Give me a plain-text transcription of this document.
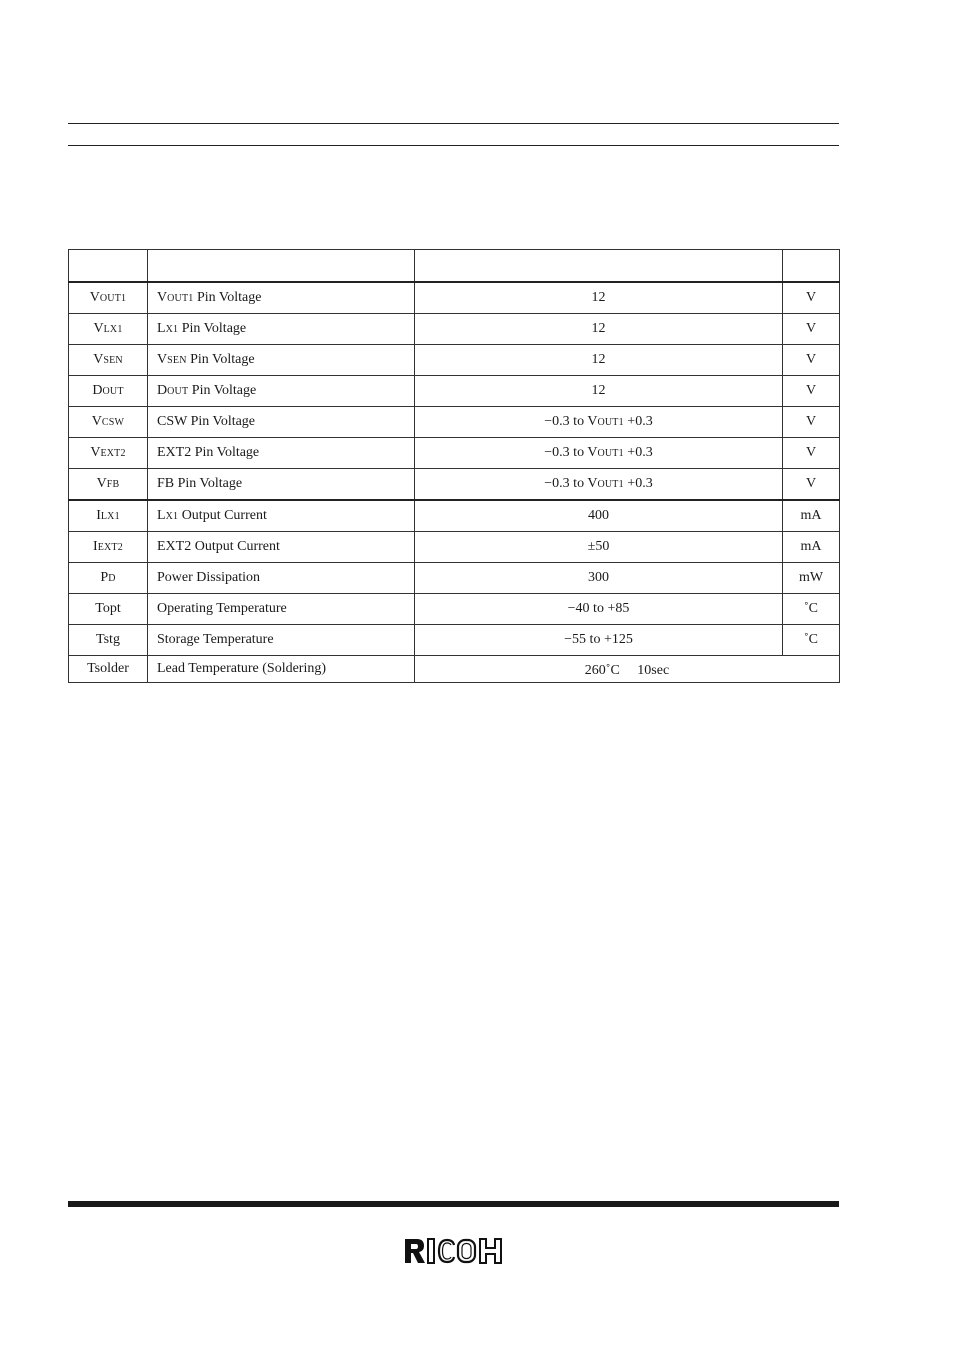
VOUT1	VOUT1 Pin Voltage	12	V
VLX1	LX1 Pin Voltage	12	V
VSEN	VSEN Pin Voltage	12	V
DOUT	DOUT Pin Voltage	12	V
VCSW	CSW Pin Voltage	−0.3 to VOUT1 +0.3	V
VEXT2	EXT2 Pin Voltage	−0.3 to VOUT1 +0.3	V
VFB	FB Pin Voltage	−0.3 to VOUT1 +0.3	V
ILX1	LX1 Output Current	400	mA
IEXT2	EXT2 Output Current	±50	mA
PD	Power Dissipation	300	mW
Topt	Operating Temperature	−40 to +85	˚C
Tstg	Storage Temperature	−55 to +125	˚C
Tsolder	Lead Temperature (Soldering)	260˚C　 10sec	
